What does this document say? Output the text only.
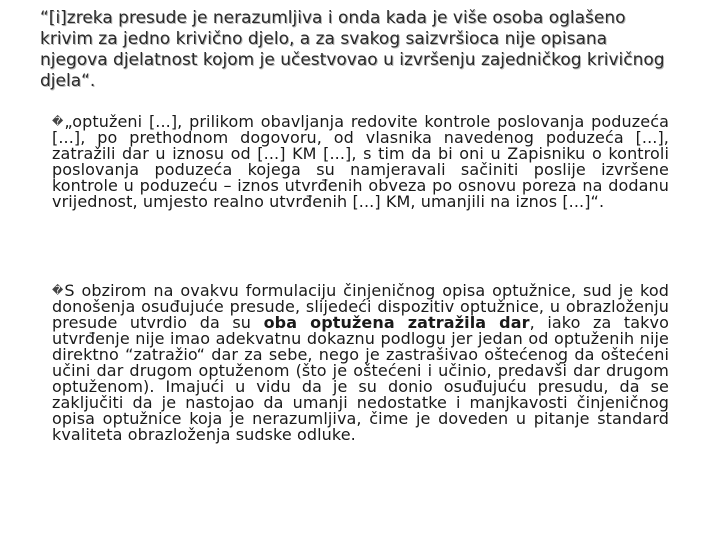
“[i]zreka presude je nerazumljiva i onda kada je više osoba oglašeno krivim za jedno krivično djelo, a za svakog saizvršioca nije opisana njegova djelatnost kojom je učestvovao u izvršenju zajedničkog krivičnog djela“.
�„optuženi [...], prilikom obavljanja redovite kontrole poslovanja poduzeća [...], po prethodnom dogovoru, od vlasnika navedenog poduzeća [...], zatražili dar u iznosu od [...] KM [...], s tim da bi oni u Zapisniku o kontroli poslovanja poduzeća kojega su namjeravali sačiniti poslije izvršene kontrole u poduzeću – iznos utvrđenih obveza po osnovu poreza na dodanu vrijednost, umjesto realno utvrđenih [...] KM, umanjili na iznos [...]“.
�S obzirom na ovakvu formulaciju činjeničnog opisa optužnice, sud je kod donošenja osuđujuće presude, slijedeći dispozitiv optužnice, u obrazloženju presude utvrdio da su oba optužena zatražila dar, iako za takvo utvrđenje nije imao adekvatnu dokaznu podlogu jer jedan od optuženih nije direktno “zatražio“ dar za sebe, nego je zastrašivao oštećenog da oštećeni učini dar drugom optuženom (što je oštećeni i učinio, predavši dar drugom optuženom). Imajući u vidu da je su donio osuđujuću presudu, da se zaključiti da je nastojao da umanji nedostatke i manjkavosti činjeničnog opisa optužnice koja je nerazumljiva, čime je doveden u pitanje standard kvaliteta obrazloženja sudske odluke.
